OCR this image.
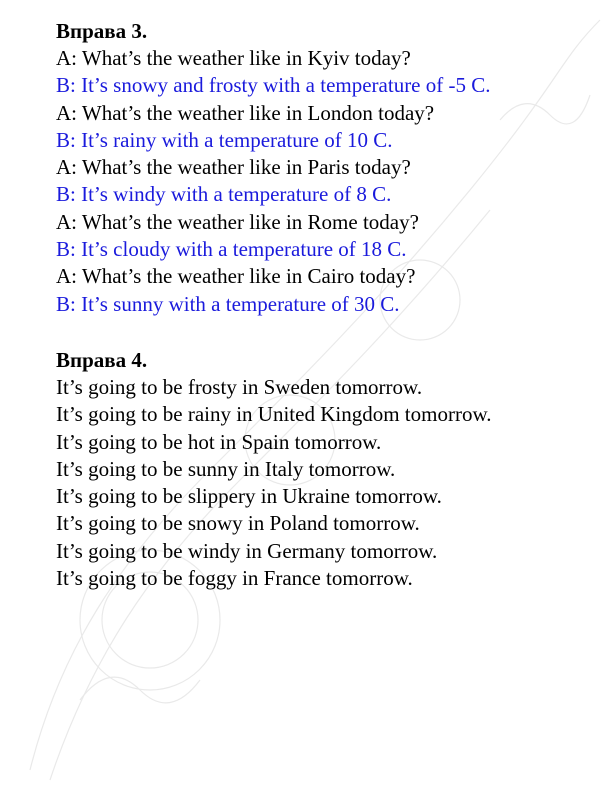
Вправа 3.

A: What’s the weather like in Kyiv today?

B: It’s snowy and frosty with a temperature of -5 C.

A: What’s the weather like in London today?

B: It’s rainy with a temperature of 10 C.

A: What’s the weather like in Paris today?

B: It’s windy with a temperature of 8 C.

A: What’s the weather like in Rome today?

B: It’s cloudy with a temperature of 18 C.

A: What’s the weather like in Cairo today?

B: It’s sunny with a temperature of 30 C.

Вправа 4.

It’s going to be frosty in Sweden tomorrow.

It’s going to be rainy in United Kingdom tomorrow.

It’s going to be hot in Spain tomorrow.

It’s going to be sunny in Italy tomorrow.

It’s going to be slippery in Ukraine tomorrow.

It’s going to be snowy in Poland tomorrow.

It’s going to be windy in Germany tomorrow.

It’s going to be foggy in France tomorrow.
